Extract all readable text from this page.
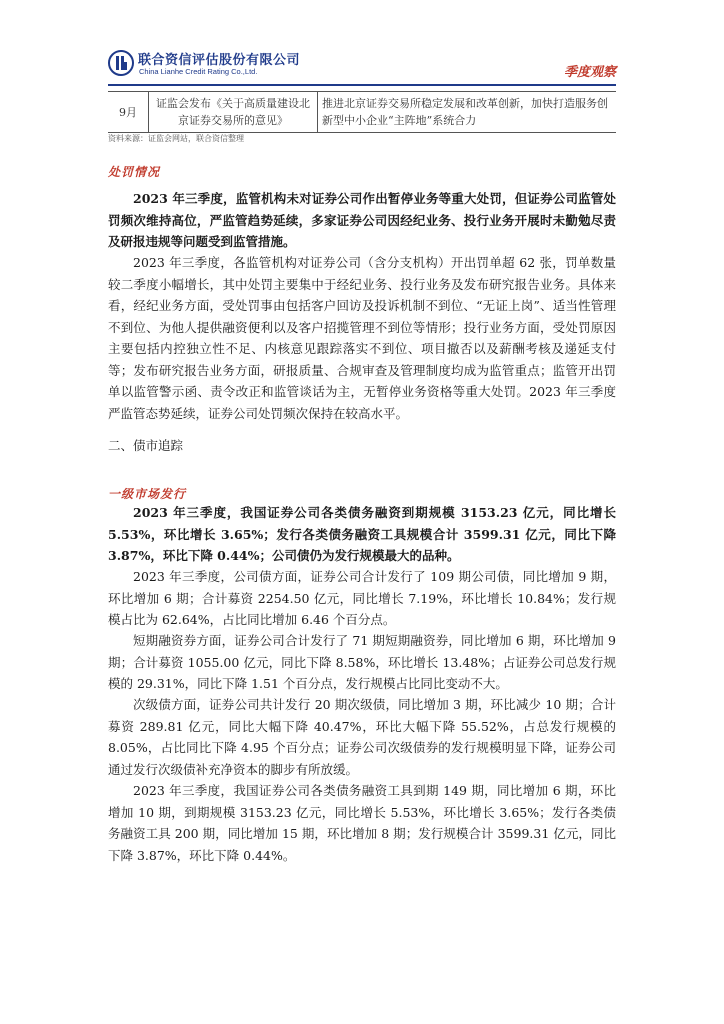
联合资信评估股份有限公司
China Lianhe Credit Rating Co.,Ltd.	季度观察
9月	证监会发布《关于高质量建设北京证券交易所的意见》	推进北京证券交易所稳定发展和改革创新，加快打造服务创新型中小企业“主阵地”系统合力
资料来源：证监会网站，联合资信整理
处罚情况

2023 年三季度，监管机构未对证券公司作出暂停业务等重大处罚，但证券公司监管处罚频次维持高位，严监管趋势延续，多家证券公司因经纪业务、投行业务开展时未勤勉尽责及研报违规等问题受到监管措施。

2023 年三季度，各监管机构对证券公司（含分支机构）开出罚单超 62 张，罚单数量较二季度小幅增长，其中处罚主要集中于经纪业务、投行业务及发布研究报告业务。具体来看，经纪业务方面，受处罚事由包括客户回访及投诉机制不到位、“无证上岗”、适当性管理不到位、为他人提供融资便利以及客户招揽管理不到位等情形；投行业务方面，受处罚原因主要包括内控独立性不足、内核意见跟踪落实不到位、项目撤否以及薪酬考核及递延支付等；发布研究报告业务方面，研报质量、合规审查及管理制度均成为监管重点；监管开出罚单以监管警示函、责令改正和监管谈话为主，无暂停业务资格等重大处罚。2023 年三季度严监管态势延续，证券公司处罚频次保持在较高水平。

二、债市追踪
一级市场发行

2023 年三季度，我国证券公司各类债务融资到期规模 3153.23 亿元，同比增长 5.53%，环比增长 3.65%；发行各类债务融资工具规模合计 3599.31 亿元，同比下降 3.87%，环比下降 0.44%；公司债仍为发行规模最大的品种。

2023 年三季度，公司债方面，证券公司合计发行了 109 期公司债，同比增加 9 期，环比增加 6 期；合计募资 2254.50 亿元，同比增长 7.19%，环比增长 10.84%；发行规模占比为 62.64%，占比同比增加 6.46 个百分点。

短期融资券方面，证券公司合计发行了 71 期短期融资券，同比增加 6 期，环比增加 9 期；合计募资 1055.00 亿元，同比下降 8.58%，环比增长 13.48%；占证券公司总发行规模的 29.31%，同比下降 1.51 个百分点，发行规模占比同比变动不大。

次级债方面，证券公司共计发行 20 期次级债，同比增加 3 期，环比减少 10 期；合计募资 289.81 亿元，同比大幅下降 40.47%，环比大幅下降 55.52%，占总发行规模的 8.05%，占比同比下降 4.95 个百分点；证券公司次级债券的发行规模明显下降，证券公司通过发行次级债补充净资本的脚步有所放缓。

2023 年三季度，我国证券公司各类债务融资工具到期 149 期，同比增加 6 期，环比增加 10 期，到期规模 3153.23 亿元，同比增长 5.53%，环比增长 3.65%；发行各类债务融资工具 200 期，同比增加 15 期，环比增加 8 期；发行规模合计 3599.31 亿元，同比下降 3.87%，环比下降 0.44%。
